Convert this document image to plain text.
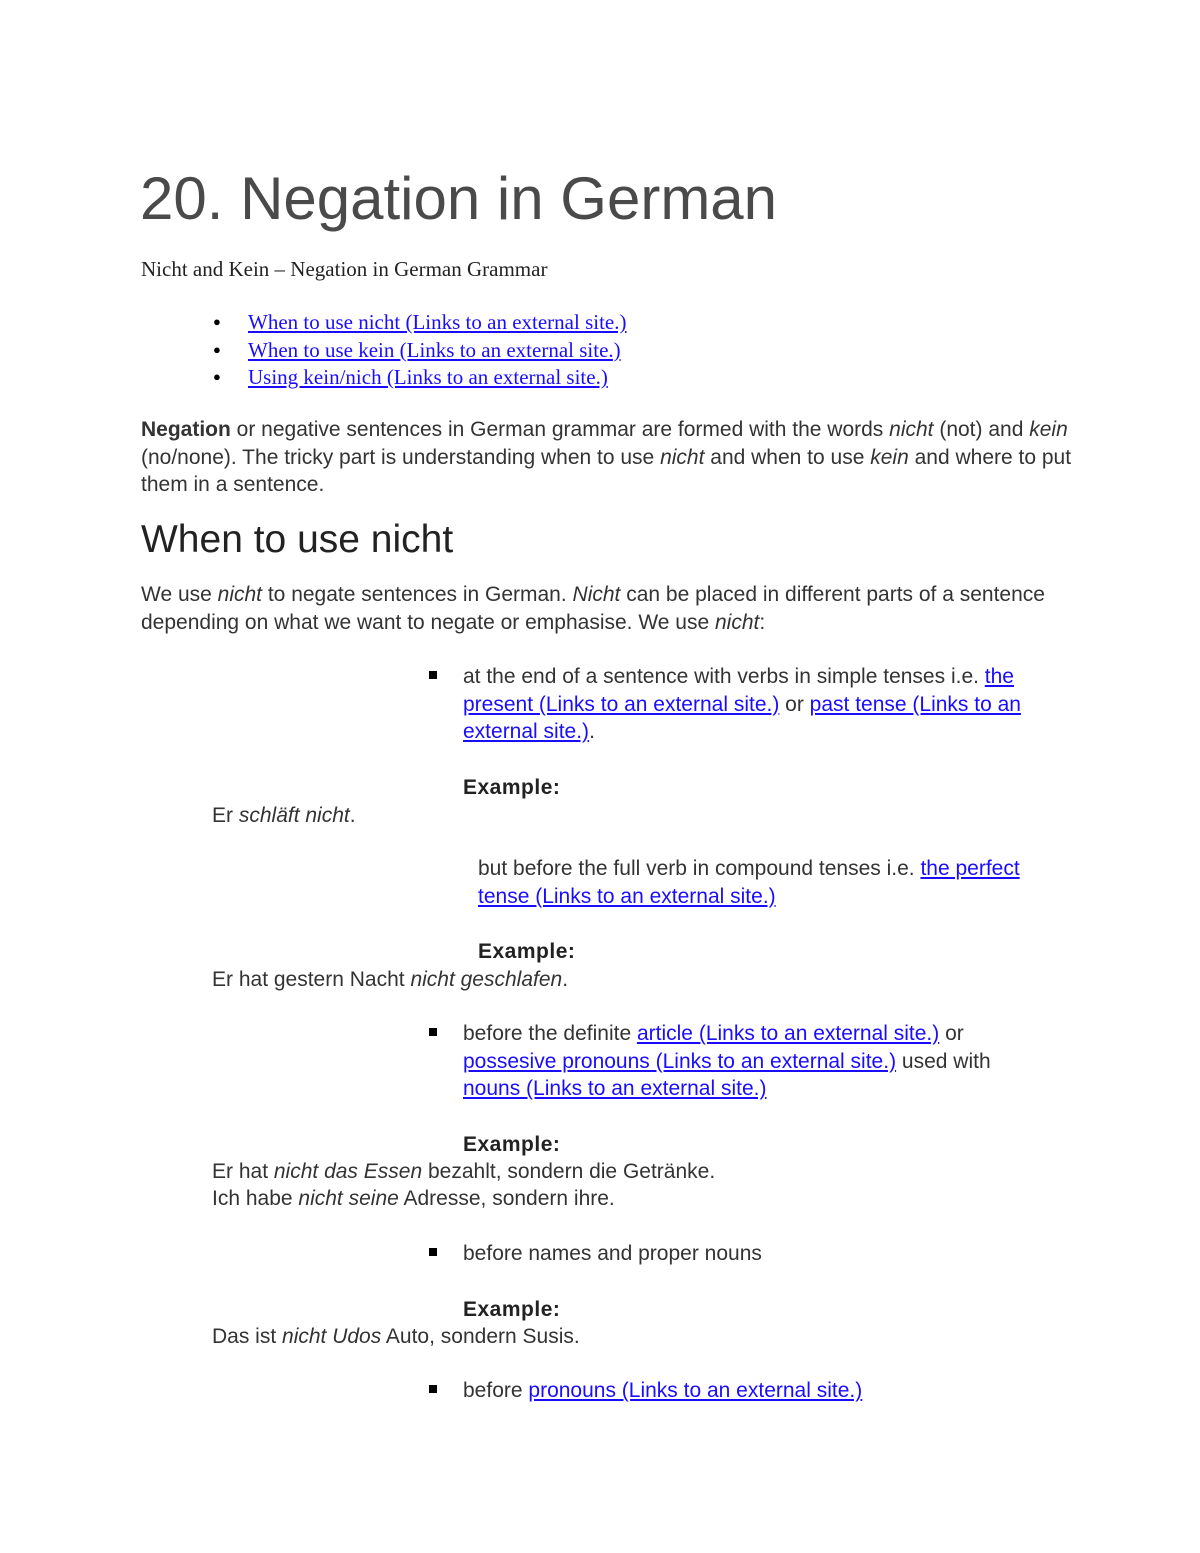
20. Negation in German
Nicht and Kein – Negation in German Grammar
● When to use nicht (Links to an external site.)
● When to use kein (Links to an external site.)
● Using kein/nich (Links to an external site.)

Negation or negative sentences in German grammar are formed with the words nicht (not) and kein (no/none). The tricky part is understanding when to use nicht and when to use kein and where to put them in a sentence.

When to use nicht

We use nicht to negate sentences in German. Nicht can be placed in different parts of a sentence depending on what we want to negate or emphasise. We use nicht:

at the end of a sentence with verbs in simple tenses i.e. the present (Links to an external site.) or past tense (Links to an external site.).

Example:
Er schläft nicht.

but before the full verb in compound tenses i.e. the perfect tense (Links to an external site.)

Example:
Er hat gestern Nacht nicht geschlafen.

before the definite article (Links to an external site.) or possesive pronouns (Links to an external site.) used with nouns (Links to an external site.)

Example:
Er hat nicht das Essen bezahlt, sondern die Getränke.
Ich habe nicht seine Adresse, sondern ihre.

before names and proper nouns

Example:
Das ist nicht Udos Auto, sondern Susis.

before pronouns (Links to an external site.)
